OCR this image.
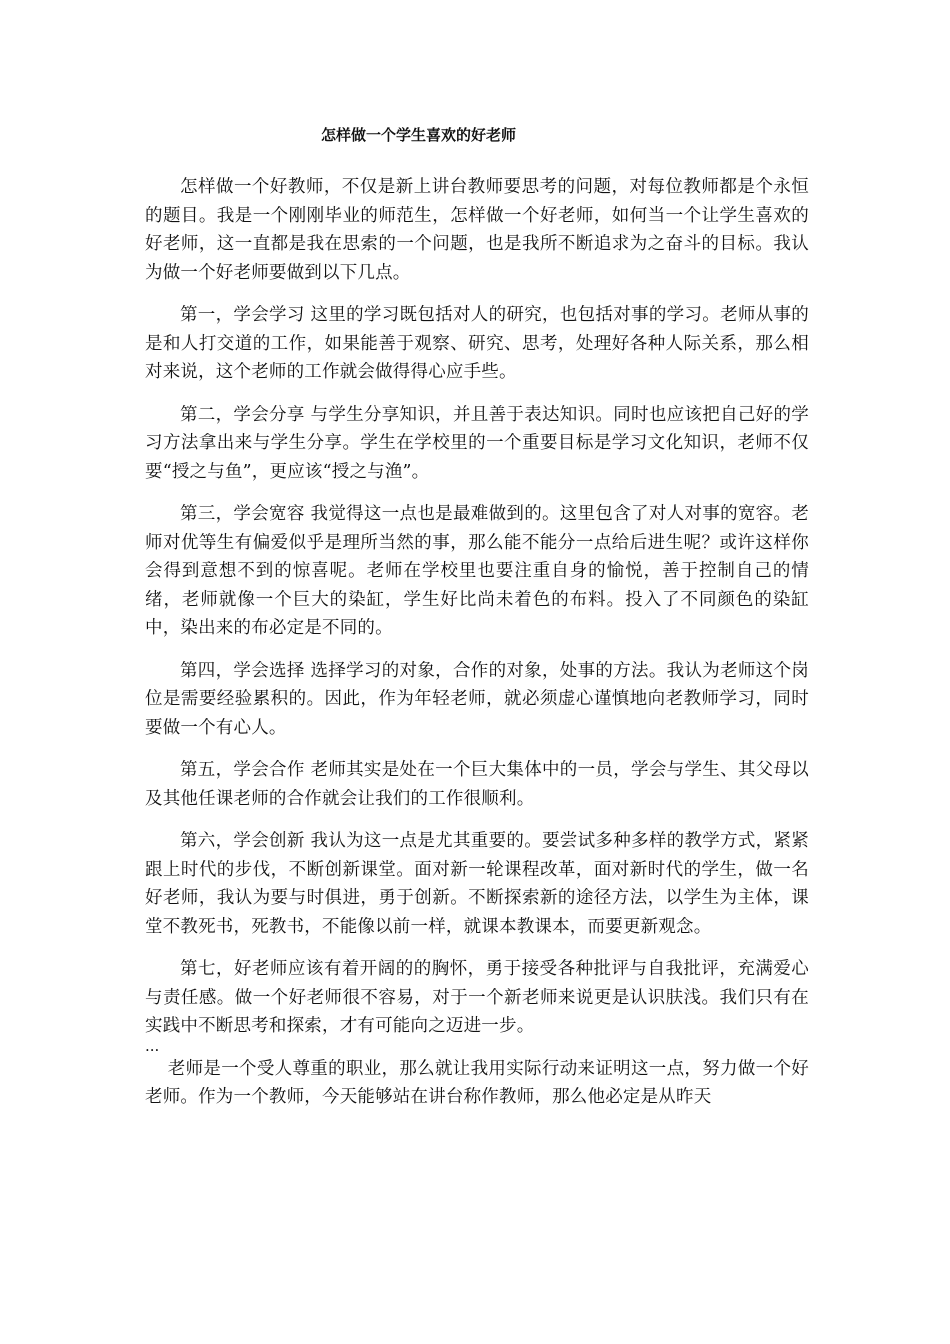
怎样做一个学生喜欢的好老师

怎样做一个好教师，不仅是新上讲台教师要思考的问题，对每位教师都是个永恒的题目。我是一个刚刚毕业的师范生，怎样做一个好老师，如何当一个让学生喜欢的好老师，这一直都是我在思索的一个问题，也是我所不断追求为之奋斗的目标。我认为做一个好老师要做到以下几点。

第一，学会学习 这里的学习既包括对人的研究，也包括对事的学习。老师从事的是和人打交道的工作，如果能善于观察、研究、思考，处理好各种人际关系，那么相对来说，这个老师的工作就会做得得心应手些。

第二，学会分享 与学生分享知识，并且善于表达知识。同时也应该把自己好的学习方法拿出来与学生分享。学生在学校里的一个重要目标是学习文化知识，老师不仅要“授之与鱼”，更应该“授之与渔”。

第三，学会宽容 我觉得这一点也是最难做到的。这里包含了对人对事的宽容。老师对优等生有偏爱似乎是理所当然的事，那么能不能分一点给后进生呢？或许这样你会得到意想不到的惊喜呢。老师在学校里也要注重自身的愉悦，善于控制自己的情绪，老师就像一个巨大的染缸，学生好比尚未着色的布料。投入了不同颜色的染缸中，染出来的布必定是不同的。

第四，学会选择 选择学习的对象，合作的对象，处事的方法。我认为老师这个岗位是需要经验累积的。因此，作为年轻老师，就必须虚心谨慎地向老教师学习，同时要做一个有心人。

第五，学会合作 老师其实是处在一个巨大集体中的一员，学会与学生、其父母以及其他任课老师的合作就会让我们的工作很顺利。

第六，学会创新 我认为这一点是尤其重要的。要尝试多种多样的教学方式，紧紧跟上时代的步伐，不断创新课堂。面对新一轮课程改革，面对新时代的学生，做一名好老师，我认为要与时俱进，勇于创新。不断探索新的途径方法，以学生为主体，课堂不教死书，死教书，不能像以前一样，就课本教课本，而要更新观念。

第七，好老师应该有着开阔的的胸怀，勇于接受各种批评与自我批评，充满爱心与责任感。做一个好老师很不容易，对于一个新老师来说更是认识肤浅。我们只有在实践中不断思考和探索，才有可能向之迈进一步。

老师是一个受人尊重的职业，那么就让我用实际行动来证明这一点，努力做一个好老师。作为一个教师，今天能够站在讲台称作教师，那么他必定是从昨天

...
